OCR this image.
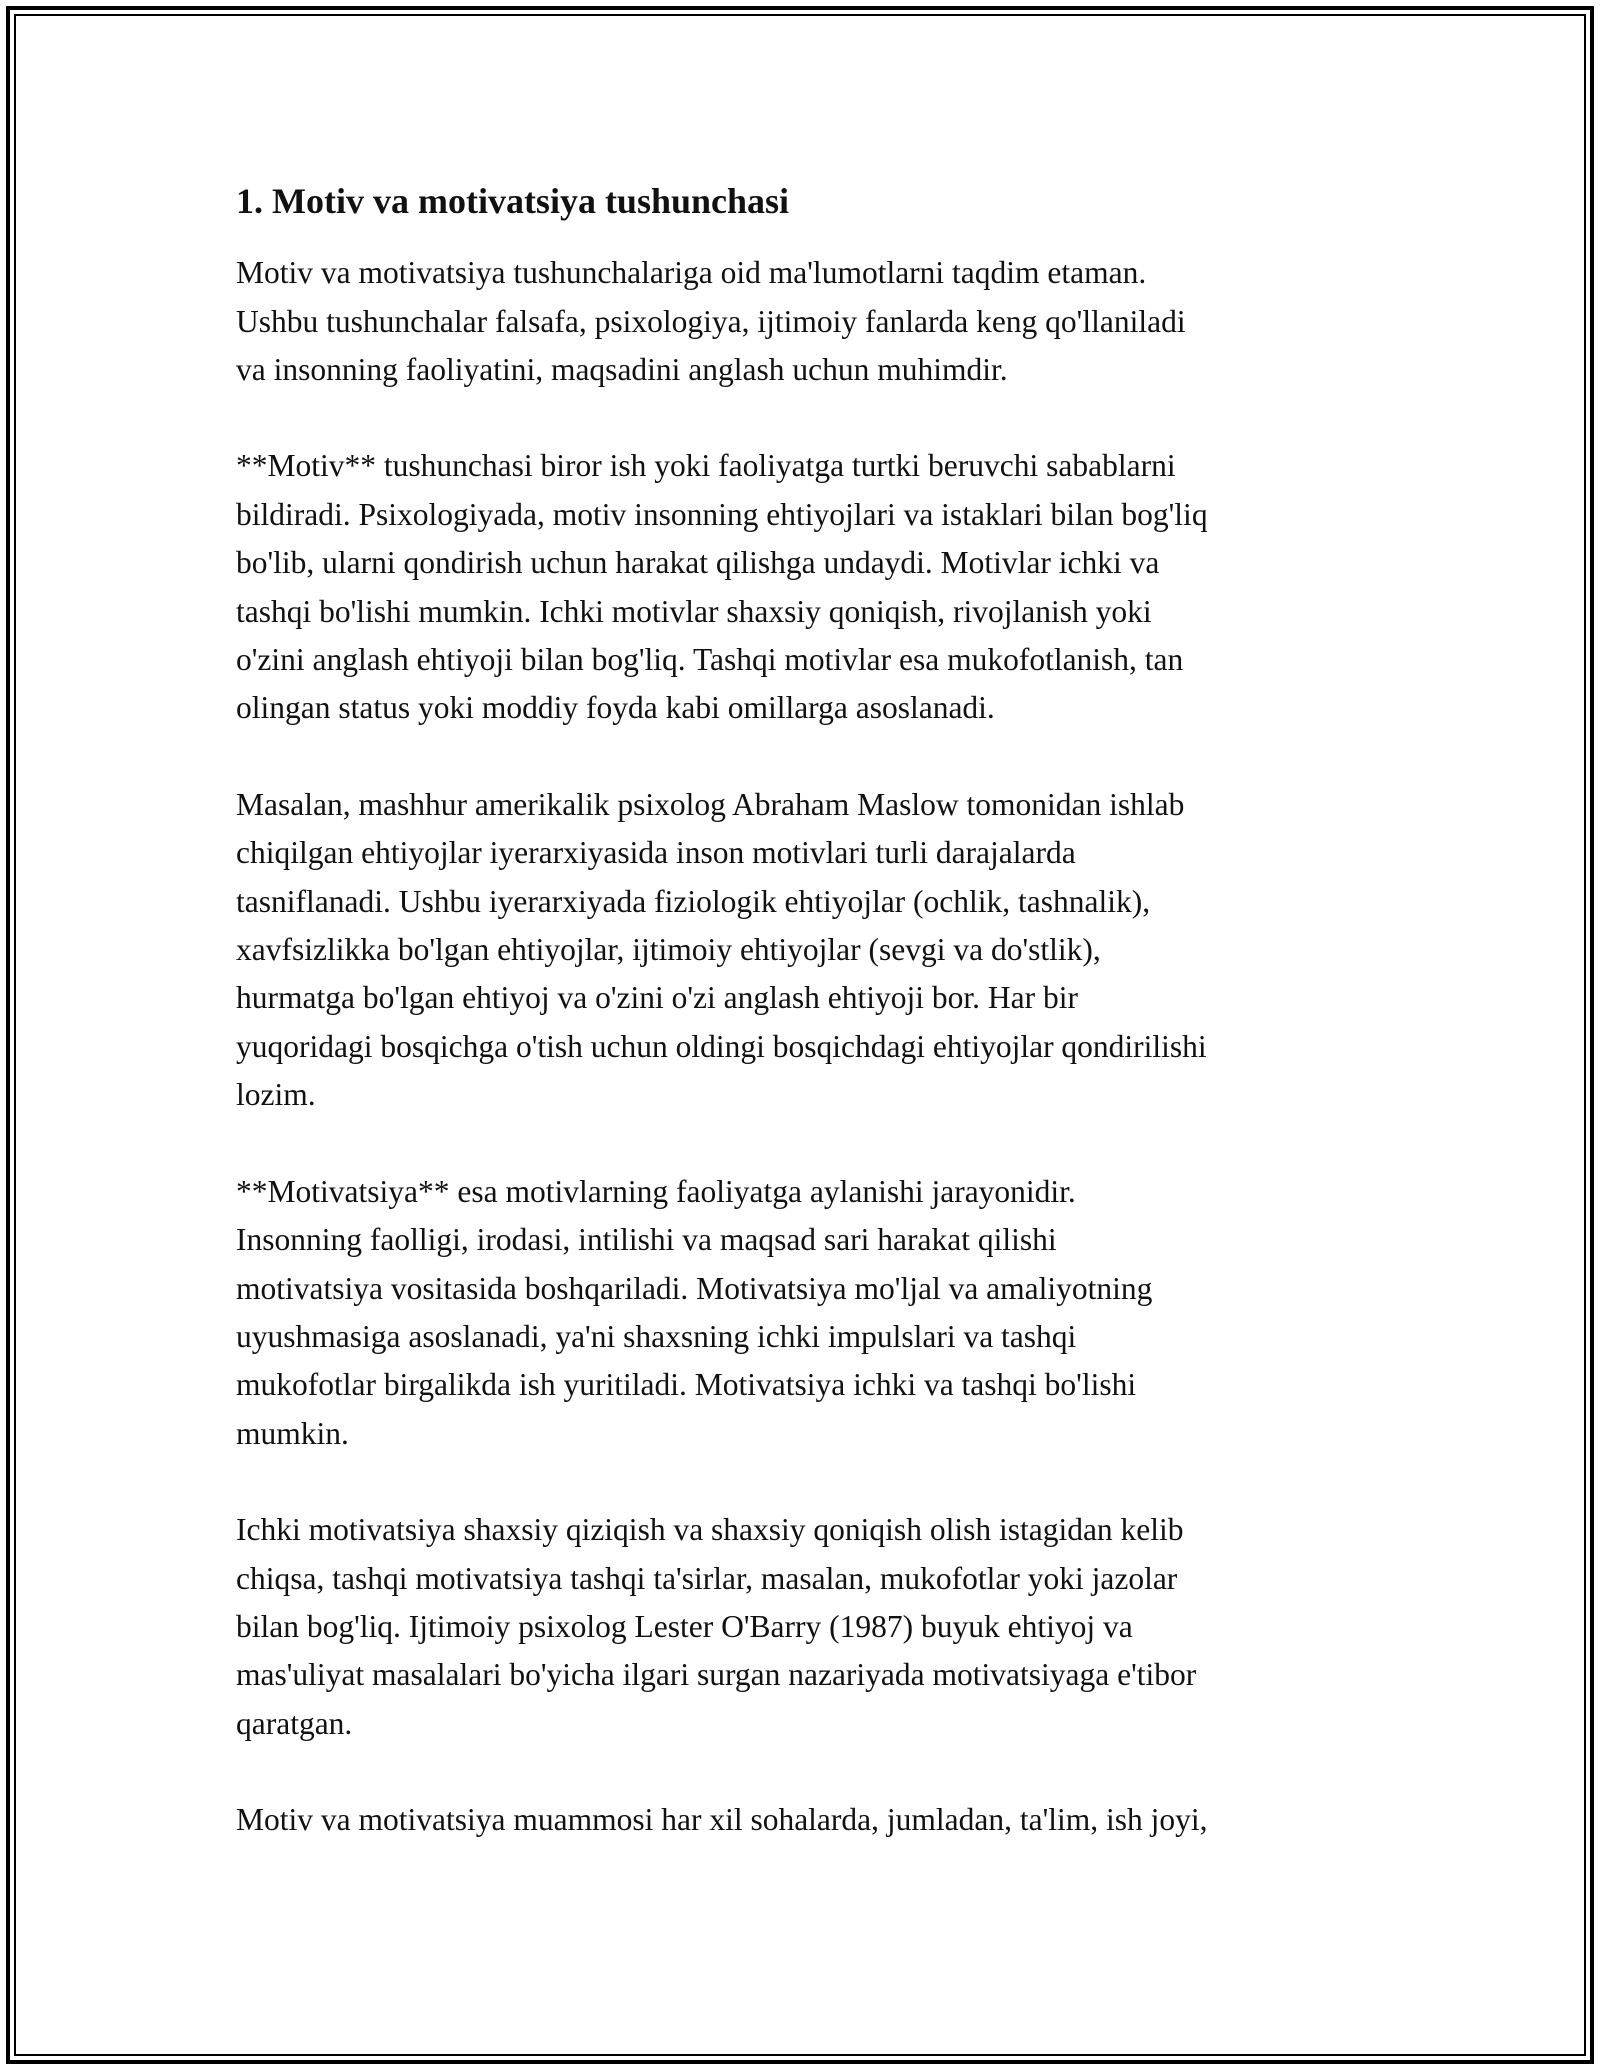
1. Motiv va motivatsiya tushunchasi

Motiv va motivatsiya tushunchalariga oid ma'lumotlarni taqdim etaman.
Ushbu tushunchalar falsafa, psixologiya, ijtimoiy fanlarda keng qo'llaniladi
va insonning faoliyatini, maqsadini anglash uchun muhimdir.

**Motiv** tushunchasi biror ish yoki faoliyatga turtki beruvchi sabablarni
bildiradi. Psixologiyada, motiv insonning ehtiyojlari va istaklari bilan bog'liq
bo'lib, ularni qondirish uchun harakat qilishga undaydi. Motivlar ichki va
tashqi bo'lishi mumkin. Ichki motivlar shaxsiy qoniqish, rivojlanish yoki
o'zini anglash ehtiyoji bilan bog'liq. Tashqi motivlar esa mukofotlanish, tan
olingan status yoki moddiy foyda kabi omillarga asoslanadi.

Masalan, mashhur amerikalik psixolog Abraham Maslow tomonidan ishlab
chiqilgan ehtiyojlar iyerarxiyasida inson motivlari turli darajalarda
tasniflanadi. Ushbu iyerarxiyada fiziologik ehtiyojlar (ochlik, tashnalik),
xavfsizlikka bo'lgan ehtiyojlar, ijtimoiy ehtiyojlar (sevgi va do'stlik),
hurmatga bo'lgan ehtiyoj va o'zini o'zi anglash ehtiyoji bor. Har bir
yuqoridagi bosqichga o'tish uchun oldingi bosqichdagi ehtiyojlar qondirilishi
lozim.

**Motivatsiya** esa motivlarning faoliyatga aylanishi jarayonidir.
Insonning faolligi, irodasi, intilishi va maqsad sari harakat qilishi
motivatsiya vositasida boshqariladi. Motivatsiya mo'ljal va amaliyotning
uyushmasiga asoslanadi, ya'ni shaxsning ichki impulslari va tashqi
mukofotlar birgalikda ish yuritiladi. Motivatsiya ichki va tashqi bo'lishi
mumkin.

Ichki motivatsiya shaxsiy qiziqish va shaxsiy qoniqish olish istagidan kelib
chiqsa, tashqi motivatsiya tashqi ta'sirlar, masalan, mukofotlar yoki jazolar
bilan bog'liq. Ijtimoiy psixolog Lester O'Barry (1987) buyuk ehtiyoj va
mas'uliyat masalalari bo'yicha ilgari surgan nazariyada motivatsiyaga e'tibor
qaratgan.

Motiv va motivatsiya muammosi har xil sohalarda, jumladan, ta'lim, ish joyi,
